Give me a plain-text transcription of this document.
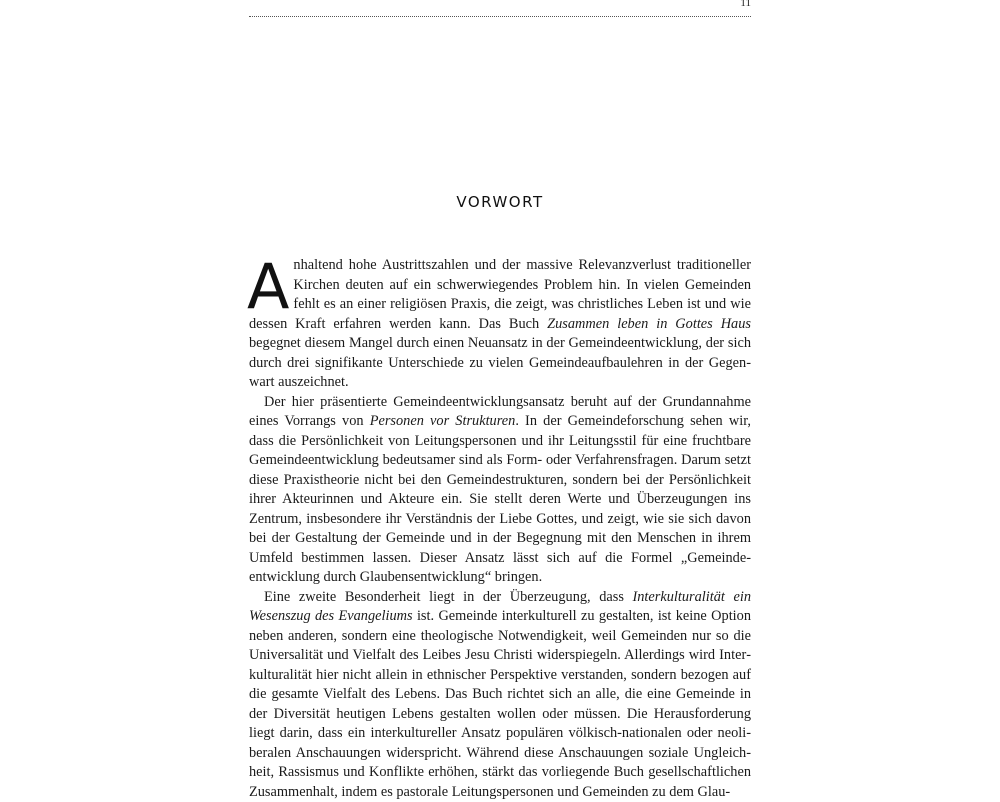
11
VORWORT

Anhaltend hohe Austrittszahlen und der massive Relevanzverlust traditioneller Kirchen deuten auf ein schwerwiegendes Problem hin. In vielen Gemeinden fehlt es an einer religiösen Praxis, die zeigt, was christliches Leben ist und wie dessen Kraft erfahren werden kann. Das Buch Zusammen leben in Gottes Haus begegnet diesem Mangel durch einen Neuansatz in der Gemeindeentwicklung, der sich durch drei signifikante Unterschiede zu vielen Gemeindeaufbaulehren in der Gegenwart auszeichnet.

Der hier präsentierte Gemeindeentwicklungsansatz beruht auf der Grundannahme eines Vorrangs von Personen vor Strukturen. In der Gemeindeforschung sehen wir, dass die Persönlichkeit von Leitungspersonen und ihr Leitungsstil für eine fruchtbare Gemeindeentwicklung bedeutsamer sind als Form- oder Verfahrensfragen. Darum setzt diese Praxistheorie nicht bei den Gemeindestrukturen, sondern bei der Persönlichkeit ihrer Akteurinnen und Akteure ein. Sie stellt deren Werte und Überzeugungen ins Zentrum, insbesondere ihr Verständnis der Liebe Gottes, und zeigt, wie sie sich davon bei der Gestaltung der Gemeinde und in der Begegnung mit den Menschen in ihrem Umfeld bestimmen lassen. Dieser Ansatz lässt sich auf die Formel „Gemeindeentwicklung durch Glaubensentwicklung“ bringen.

Eine zweite Besonderheit liegt in der Überzeugung, dass Interkulturalität ein Wesenszug des Evangeliums ist. Gemeinde interkulturell zu gestalten, ist keine Option neben anderen, sondern eine theologische Notwendigkeit, weil Gemeinden nur so die Universalität und Vielfalt des Leibes Jesu Christi widerspiegeln. Allerdings wird Interkulturalität hier nicht allein in ethnischer Perspektive verstanden, sondern bezogen auf die gesamte Vielfalt des Lebens. Das Buch richtet sich an alle, die eine Gemeinde in der Diversität heutigen Lebens gestalten wollen oder müssen. Die Herausforderung liegt darin, dass ein interkultureller Ansatz populären völkisch-nationalen oder neoliberalen Anschauungen widerspricht. Während diese Anschauungen soziale Ungleichheit, Rassismus und Konflikte erhöhen, stärkt das vorliegende Buch gesellschaftlichen Zusammenhalt, indem es pastorale Leitungspersonen und Gemeinden zu dem Glau-
